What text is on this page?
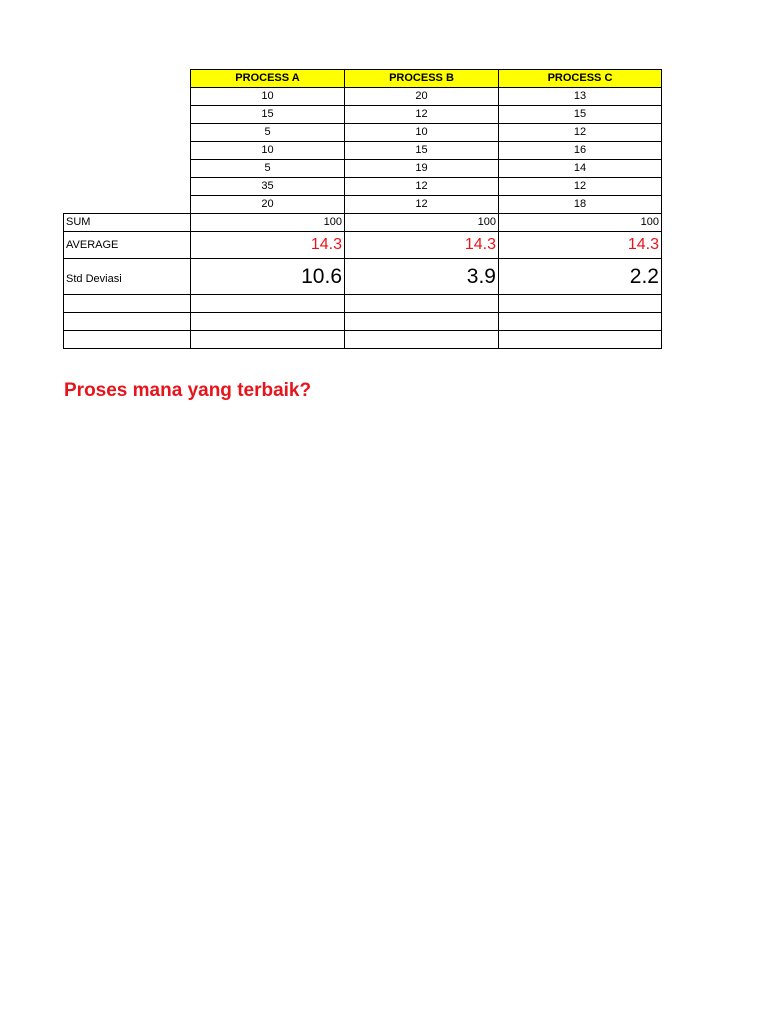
	PROCESS A	PROCESS B	PROCESS C
	10	20	13
	15	12	15
	5	10	12
	10	15	16
	5	19	14
	35	12	12
	20	12	18
SUM	100	100	100
AVERAGE	14.3	14.3	14.3
Std Deviasi	10.6	3.9	2.2

Proses mana yang terbaik?
